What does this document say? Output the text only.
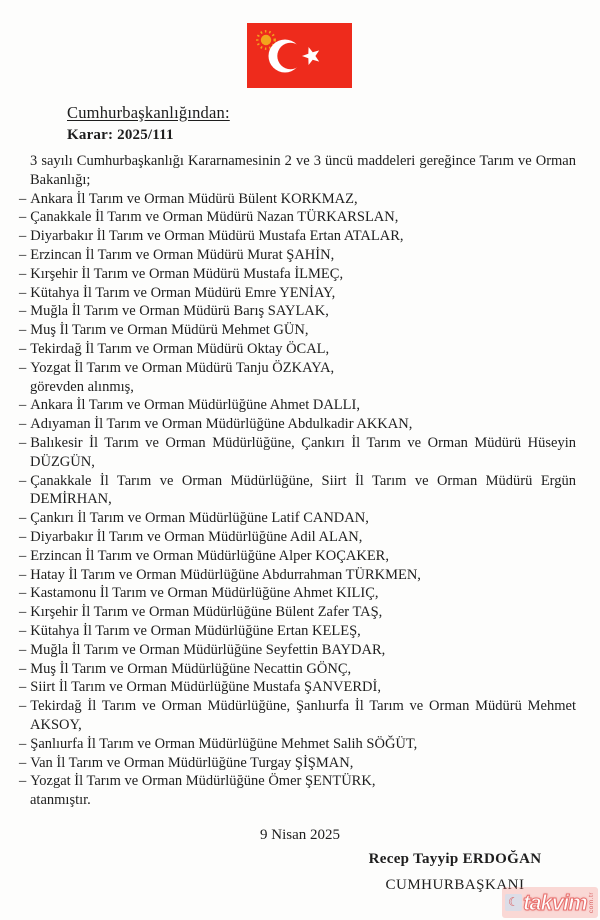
Cumhurbaşkanlığından:
Karar: 2025/111

3 sayılı Cumhurbaşkanlığı Kararnamesinin 2 ve 3 üncü maddeleri gereğince Tarım ve Orman Bakanlığı;

– Ankara İl Tarım ve Orman Müdürü Bülent KORKMAZ,

– Çanakkale İl Tarım ve Orman Müdürü Nazan TÜRKARSLAN,

– Diyarbakır İl Tarım ve Orman Müdürü Mustafa Ertan ATALAR,

– Erzincan İl Tarım ve Orman Müdürü Murat ŞAHİN,

– Kırşehir İl Tarım ve Orman Müdürü Mustafa İLMEÇ,

– Kütahya İl Tarım ve Orman Müdürü Emre YENİAY,

– Muğla İl Tarım ve Orman Müdürü Barış SAYLAK,

– Muş İl Tarım ve Orman Müdürü Mehmet GÜN,

– Tekirdağ İl Tarım ve Orman Müdürü Oktay ÖCAL,

– Yozgat İl Tarım ve Orman Müdürü Tanju ÖZKAYA,

görevden alınmış,

– Ankara İl Tarım ve Orman Müdürlüğüne Ahmet DALLI,

– Adıyaman İl Tarım ve Orman Müdürlüğüne Abdulkadir AKKAN,

– Balıkesir İl Tarım ve Orman Müdürlüğüne, Çankırı İl Tarım ve Orman Müdürü Hüseyin DÜZGÜN,

– Çanakkale İl Tarım ve Orman Müdürlüğüne, Siirt İl Tarım ve Orman Müdürü Ergün DEMİRHAN,

– Çankırı İl Tarım ve Orman Müdürlüğüne Latif CANDAN,

– Diyarbakır İl Tarım ve Orman Müdürlüğüne Adil ALAN,

– Erzincan İl Tarım ve Orman Müdürlüğüne Alper KOÇAKER,

– Hatay İl Tarım ve Orman Müdürlüğüne Abdurrahman TÜRKMEN,

– Kastamonu İl Tarım ve Orman Müdürlüğüne Ahmet KILIÇ,

– Kırşehir İl Tarım ve Orman Müdürlüğüne Bülent Zafer TAŞ,

– Kütahya İl Tarım ve Orman Müdürlüğüne Ertan KELEŞ,

– Muğla İl Tarım ve Orman Müdürlüğüne Seyfettin BAYDAR,

– Muş İl Tarım ve Orman Müdürlüğüne Necattin GÖNÇ,

– Siirt İl Tarım ve Orman Müdürlüğüne Mustafa ŞANVERDİ,

– Tekirdağ İl Tarım ve Orman Müdürlüğüne, Şanlıurfa İl Tarım ve Orman Müdürü Mehmet AKSOY,

– Şanlıurfa İl Tarım ve Orman Müdürlüğüne Mehmet Salih SÖĞÜT,

– Van İl Tarım ve Orman Müdürlüğüne Turgay ŞİŞMAN,

– Yozgat İl Tarım ve Orman Müdürlüğüne Ömer ŞENTÜRK,

atanmıştır.

9 Nisan 2025
Recep Tayyip ERDOĞAN
CUMHURBAŞKANI
☾ takvim com.tr
